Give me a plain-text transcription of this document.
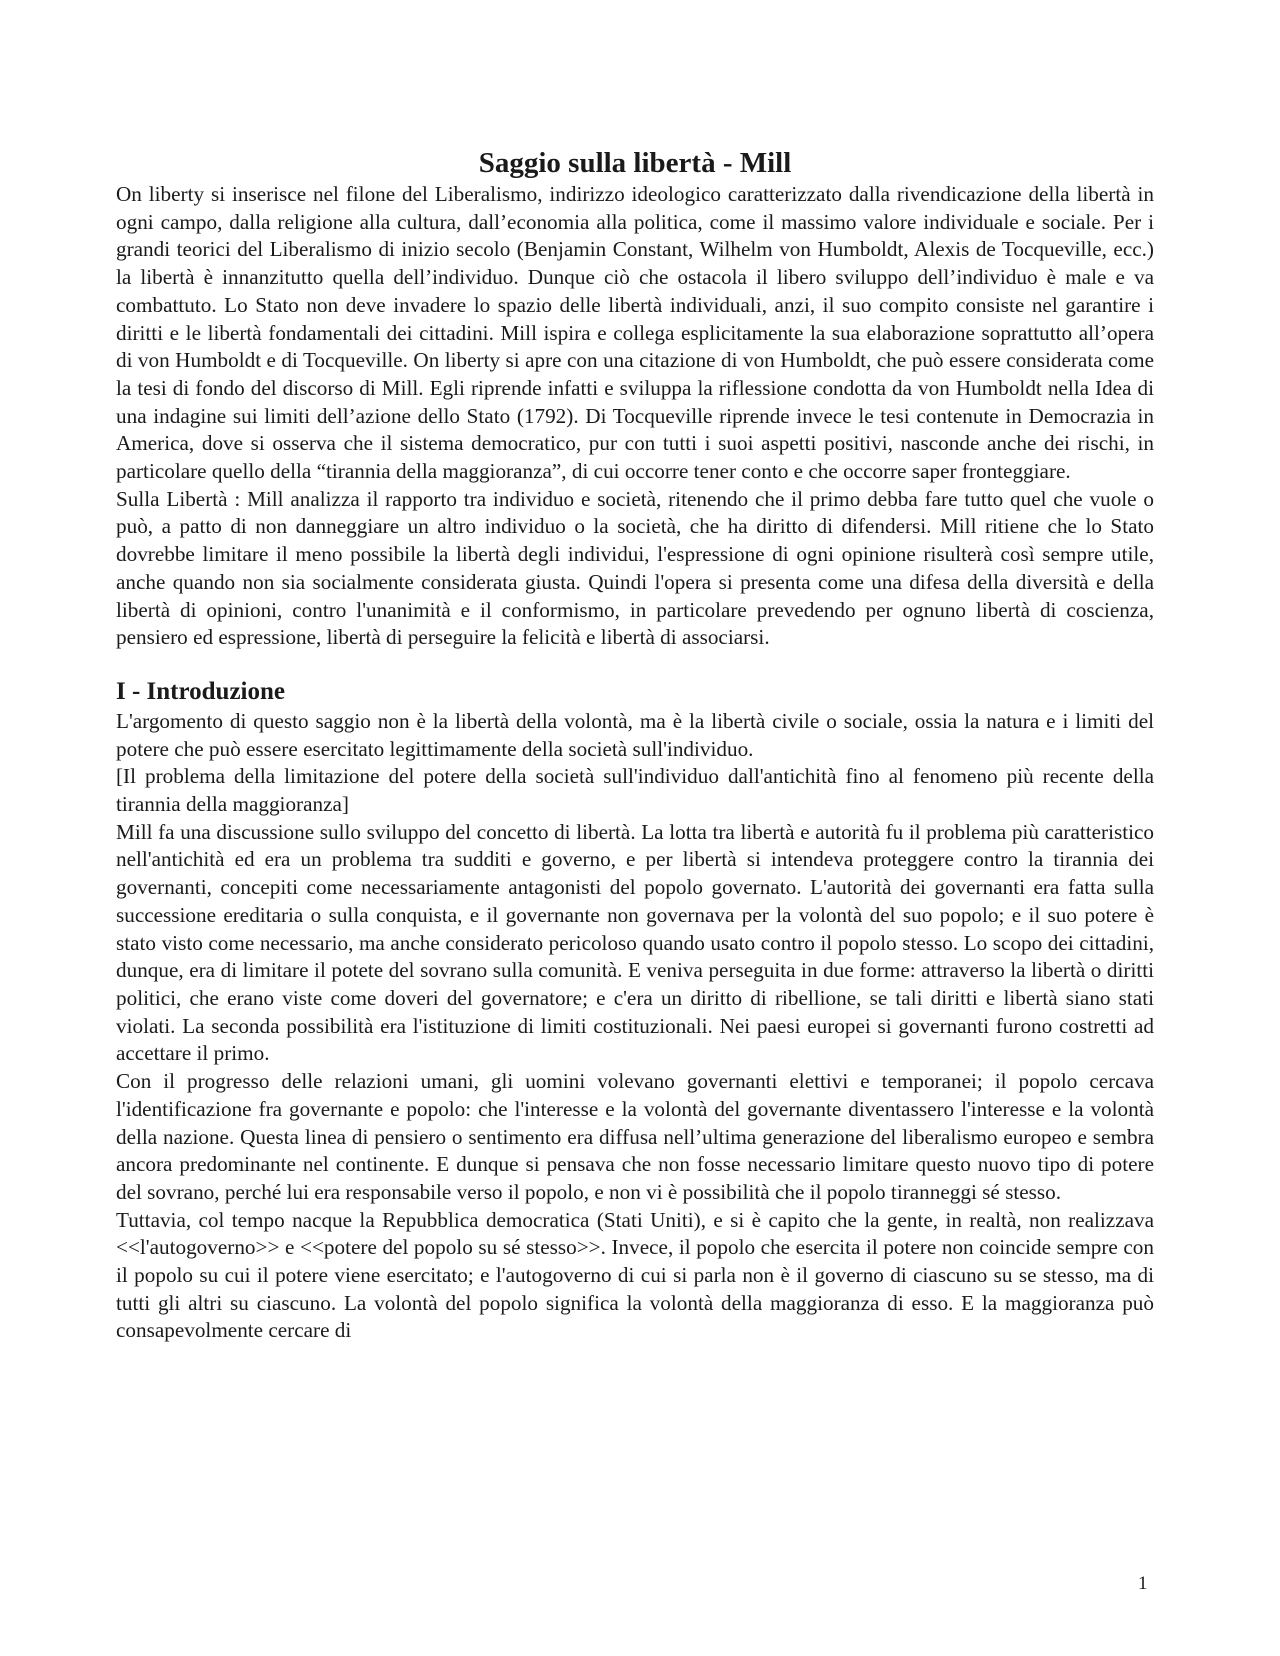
Saggio sulla libertà - Mill

On liberty si inserisce nel filone del Liberalismo, indirizzo ideologico caratterizzato dalla rivendicazione della libertà in ogni campo, dalla religione alla cultura, dall’economia alla politica, come il massimo valore individuale e sociale. Per i grandi teorici del Liberalismo di inizio secolo (Benjamin Constant, Wilhelm von Humboldt, Alexis de Tocqueville, ecc.) la libertà è innanzitutto quella dell’individuo. Dunque ciò che ostacola il libero sviluppo dell’individuo è male e va combattuto. Lo Stato non deve invadere lo spazio delle libertà individuali, anzi, il suo compito consiste nel garantire i diritti e le libertà fondamentali dei cittadini. Mill ispira e collega esplicitamente la sua elaborazione soprattutto all’opera di von Humboldt e di Tocqueville. On liberty si apre con una citazione di von Humboldt, che può essere considerata come la tesi di fondo del discorso di Mill. Egli riprende infatti e sviluppa la riflessione condotta da von Humboldt nella Idea di una indagine sui limiti dell’azione dello Stato (1792). Di Tocqueville riprende invece le tesi contenute in Democrazia in America, dove si osserva che il sistema democratico, pur con tutti i suoi aspetti positivi, nasconde anche dei rischi, in particolare quello della “tirannia della maggioranza”, di cui occorre tener conto e che occorre saper fronteggiare.

Sulla Libertà : Mill analizza il rapporto tra individuo e società, ritenendo che il primo debba fare tutto quel che vuole o può, a patto di non danneggiare un altro individuo o la società, che ha diritto di difendersi. Mill ritiene che lo Stato dovrebbe limitare il meno possibile la libertà degli individui, l'espressione di ogni opinione risulterà così sempre utile, anche quando non sia socialmente considerata giusta. Quindi l'opera si presenta come una difesa della diversità e della libertà di opinioni, contro l'unanimità e il conformismo, in particolare prevedendo per ognuno libertà di coscienza, pensiero ed espressione, libertà di perseguire la felicità e libertà di associarsi.

I - Introduzione

L'argomento di questo saggio non è la libertà della volontà, ma è la libertà civile o sociale, ossia la natura e i limiti del potere che può essere esercitato legittimamente della società sull'individuo.

[Il problema della limitazione del potere della società sull'individuo dall'antichità fino al fenomeno più recente della tirannia della maggioranza]

Mill fa una discussione sullo sviluppo del concetto di libertà. La lotta tra libertà e autorità fu il problema più caratteristico nell'antichità ed era un problema tra sudditi e governo, e per libertà si intendeva proteggere contro la tirannia dei governanti, concepiti come necessariamente antagonisti del popolo governato. L'autorità dei governanti era fatta sulla successione ereditaria o sulla conquista, e il governante non governava per la volontà del suo popolo; e il suo potere è stato visto come necessario, ma anche considerato pericoloso quando usato contro il popolo stesso. Lo scopo dei cittadini, dunque, era di limitare il potete del sovrano sulla comunità. E veniva perseguita in due forme: attraverso la libertà o diritti politici, che erano viste come doveri del governatore; e c'era un diritto di ribellione, se tali diritti e libertà siano stati violati. La seconda possibilità era l'istituzione di limiti costituzionali. Nei paesi europei si governanti furono costretti ad accettare il primo.

Con il progresso delle relazioni umani, gli uomini volevano governanti elettivi e temporanei; il popolo cercava l'identificazione fra governante e popolo: che l'interesse e la volontà del governante diventassero l'interesse e la volontà della nazione. Questa linea di pensiero o sentimento era diffusa nell’ultima generazione del liberalismo europeo e sembra ancora predominante nel continente. E dunque si pensava che non fosse necessario limitare questo nuovo tipo di potere del sovrano, perché lui era responsabile verso il popolo, e non vi è possibilità che il popolo tiranneggi sé stesso.

Tuttavia, col tempo nacque la Repubblica democratica (Stati Uniti), e si è capito che la gente, in realtà, non realizzava <<l'autogoverno>> e <<potere del popolo su sé stesso>>. Invece, il popolo che esercita il potere non coincide sempre con il popolo su cui il potere viene esercitato; e l'autogoverno di cui si parla non è il governo di ciascuno su se stesso, ma di tutti gli altri su ciascuno. La volontà del popolo significa la volontà della maggioranza di esso. E la maggioranza può consapevolmente cercare di

1
